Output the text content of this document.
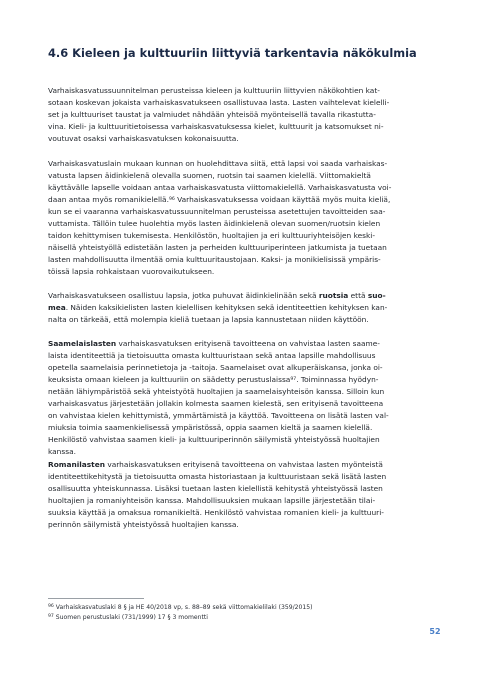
4.6 Kieleen ja kulttuuriin liittyviä tarkentavia näkökulmia
Varhaiskasvatussuunnitelman perusteissa kieleen ja kulttuuriin liittyvien näkökohtien kat-
sotaan koskevan jokaista varhaiskasvatukseen osallistuvaa lasta. Lasten vaihtelevat kielelli-
set ja kulttuuriset taustat ja valmiudet nähdään yhteisöä myönteisellä tavalla rikastutta-
vina. Kieli- ja kulttuuritietoisessa varhaiskasvatuksessa kielet, kulttuurit ja katsomukset ni-
voutuvat osaksi varhaiskasvatuksen kokonaisuutta.
Varhaiskasvatuslain mukaan kunnan on huolehdittava siitä, että lapsi voi saada varhaiskas-
vatusta lapsen äidinkielenä olevalla suomen, ruotsin tai saamen kielellä. Viittomakieltä
käyttävälle lapselle voidaan antaa varhaiskasvatusta viittomakielellä. Varhaiskasvatusta voi-
daan antaa myös romanikielellä.$^{96}$ Varhaiskasvatuksessa voidaan käyttää myös muita kieliä,
kun se ei vaaranna varhaiskasvatussuunnitelman perusteissa asetettujen tavoitteiden saa-
vuttamista. Tällöin tulee huolehtia myös lasten äidinkielenä olevan suomen/ruotsin kielen
taidon kehittymisen tukemisesta. Henkilöstön, huoltajien ja eri kulttuuriyhteisöjen keski-
näisellä yhteistyöllä edistetään lasten ja perheiden kulttuuriperinteen jatkumista ja tuetaan
lasten mahdollisuutta ilmentää omia kulttuuritaustojaan. Kaksi- ja monikielisissä ympäris-
töissä lapsia rohkaistaan vuorovaikutukseen.
Varhaiskasvatukseen osallistuu lapsia, jotka puhuvat äidinkielinään sekä ruotsia että suo-
mea. Näiden kaksikielisten lasten kielellisen kehityksen sekä identiteettien kehityksen kan-
nalta on tärkeää, että molempia kieliä tuetaan ja lapsia kannustetaan niiden käyttöön.
Saamelaislasten varhaiskasvatuksen erityisenä tavoitteena on vahvistaa lasten saame-
laista identiteettiä ja tietoisuutta omasta kulttuuristaan sekä antaa lapsille mahdollisuus
opetella saamelaisia perinnetietoja ja -taitoja. Saamelaiset ovat alkuperäiskansa, jonka oi-
keuksista omaan kieleen ja kulttuuriin on säädetty perustuslaissa$^{97}$. Toiminnassa hyödyn-
netään lähiympäristöä sekä yhteistyötä huoltajien ja saamelaisyhteisön kanssa. Silloin kun
varhaiskasvatus järjestetään jollakin kolmesta saamen kielestä, sen erityisenä tavoitteena
on vahvistaa kielen kehittymistä, ymmärtämistä ja käyttöä. Tavoitteena on lisätä lasten val-
miuksia toimia saamenkielisessä ympäristössä, oppia saamen kieltä ja saamen kielellä.
Henkilöstö vahvistaa saamen kieli- ja kulttuuriperinnön säilymistä yhteistyössä huoltajien
kanssa.
Romanilasten varhaiskasvatuksen erityisenä tavoitteena on vahvistaa lasten myönteistä
identiteettikehitystä ja tietoisuutta omasta historiastaan ja kulttuuristaan sekä lisätä lasten
osallisuutta yhteiskunnassa. Lisäksi tuetaan lasten kielellistä kehitystä yhteistyössä lasten
huoltajien ja romaniyhteisön kanssa. Mahdollisuuksien mukaan lapsille järjestetään tilai-
suuksia käyttää ja omaksua romanikieltä. Henkilöstö vahvistaa romanien kieli- ja kulttuuri-
perinnön säilymistä yhteistyössä huoltajien kanssa.
$^{96}$ Varhaiskasvatuslaki 8 § ja HE 40/2018 vp, s. 88–89 sekä viittomakielilaki (359/2015)
$^{97}$ Suomen perustuslaki (731/1999) 17 § 3 momentti
52
